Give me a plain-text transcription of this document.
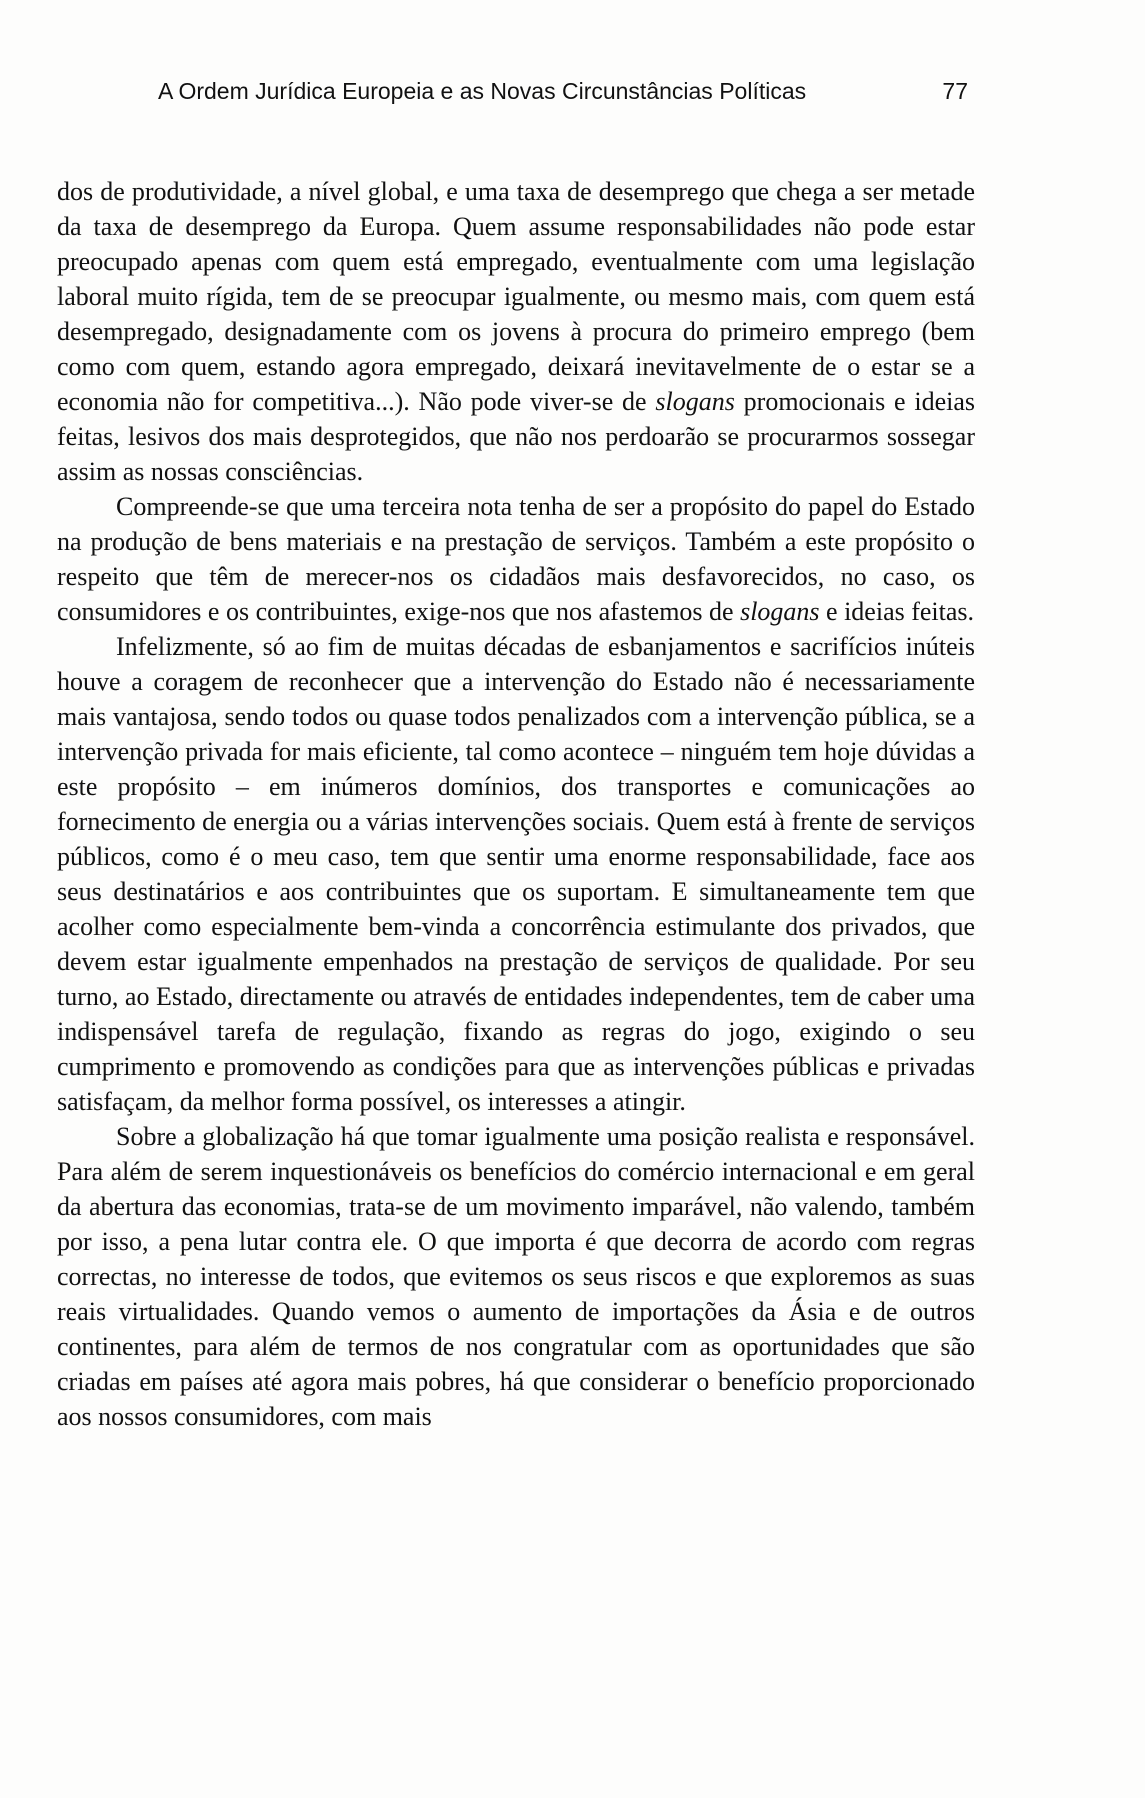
A Ordem Jurídica Europeia e as Novas Circunstâncias Políticas	77

dos de produtividade, a nível global, e uma taxa de desemprego que chega a ser metade da taxa de desemprego da Europa. Quem assume responsabilidades não pode estar preocupado apenas com quem está empregado, eventualmente com uma legislação laboral muito rígida, tem de se preocupar igualmente, ou mesmo mais, com quem está desempregado, designadamente com os jovens à procura do primeiro emprego (bem como com quem, estando agora empregado, deixará inevitavelmente de o estar se a economia não for competitiva...). Não pode viver-se de slogans promocionais e ideias feitas, lesivos dos mais desprotegidos, que não nos perdoarão se procurarmos sossegar assim as nossas consciências.

Compreende-se que uma terceira nota tenha de ser a propósito do papel do Estado na produção de bens materiais e na prestação de serviços. Também a este propósito o respeito que têm de merecer-nos os cidadãos mais desfavorecidos, no caso, os consumidores e os contribuintes, exige-nos que nos afastemos de slogans e ideias feitas.

Infelizmente, só ao fim de muitas décadas de esbanjamentos e sacrifícios inúteis houve a coragem de reconhecer que a intervenção do Estado não é necessariamente mais vantajosa, sendo todos ou quase todos penalizados com a intervenção pública, se a intervenção privada for mais eficiente, tal como acontece – ninguém tem hoje dúvidas a este propósito – em inúmeros domínios, dos transportes e comunicações ao fornecimento de energia ou a várias intervenções sociais. Quem está à frente de serviços públicos, como é o meu caso, tem que sentir uma enorme responsabilidade, face aos seus destinatários e aos contribuintes que os suportam. E simultaneamente tem que acolher como especialmente bem-vinda a concorrência estimulante dos privados, que devem estar igualmente empenhados na prestação de serviços de qualidade. Por seu turno, ao Estado, directamente ou através de entidades independentes, tem de caber uma indispensável tarefa de regulação, fixando as regras do jogo, exigindo o seu cumprimento e promovendo as condições para que as intervenções públicas e privadas satisfaçam, da melhor forma possível, os interesses a atingir.

Sobre a globalização há que tomar igualmente uma posição realista e responsável. Para além de serem inquestionáveis os benefícios do comércio internacional e em geral da abertura das economias, trata-se de um movimento imparável, não valendo, também por isso, a pena lutar contra ele. O que importa é que decorra de acordo com regras correctas, no interesse de todos, que evitemos os seus riscos e que exploremos as suas reais virtualidades. Quando vemos o aumento de importações da Ásia e de outros continentes, para além de termos de nos congratular com as oportunidades que são criadas em países até agora mais pobres, há que considerar o benefício proporcionado aos nossos consumidores, com mais
